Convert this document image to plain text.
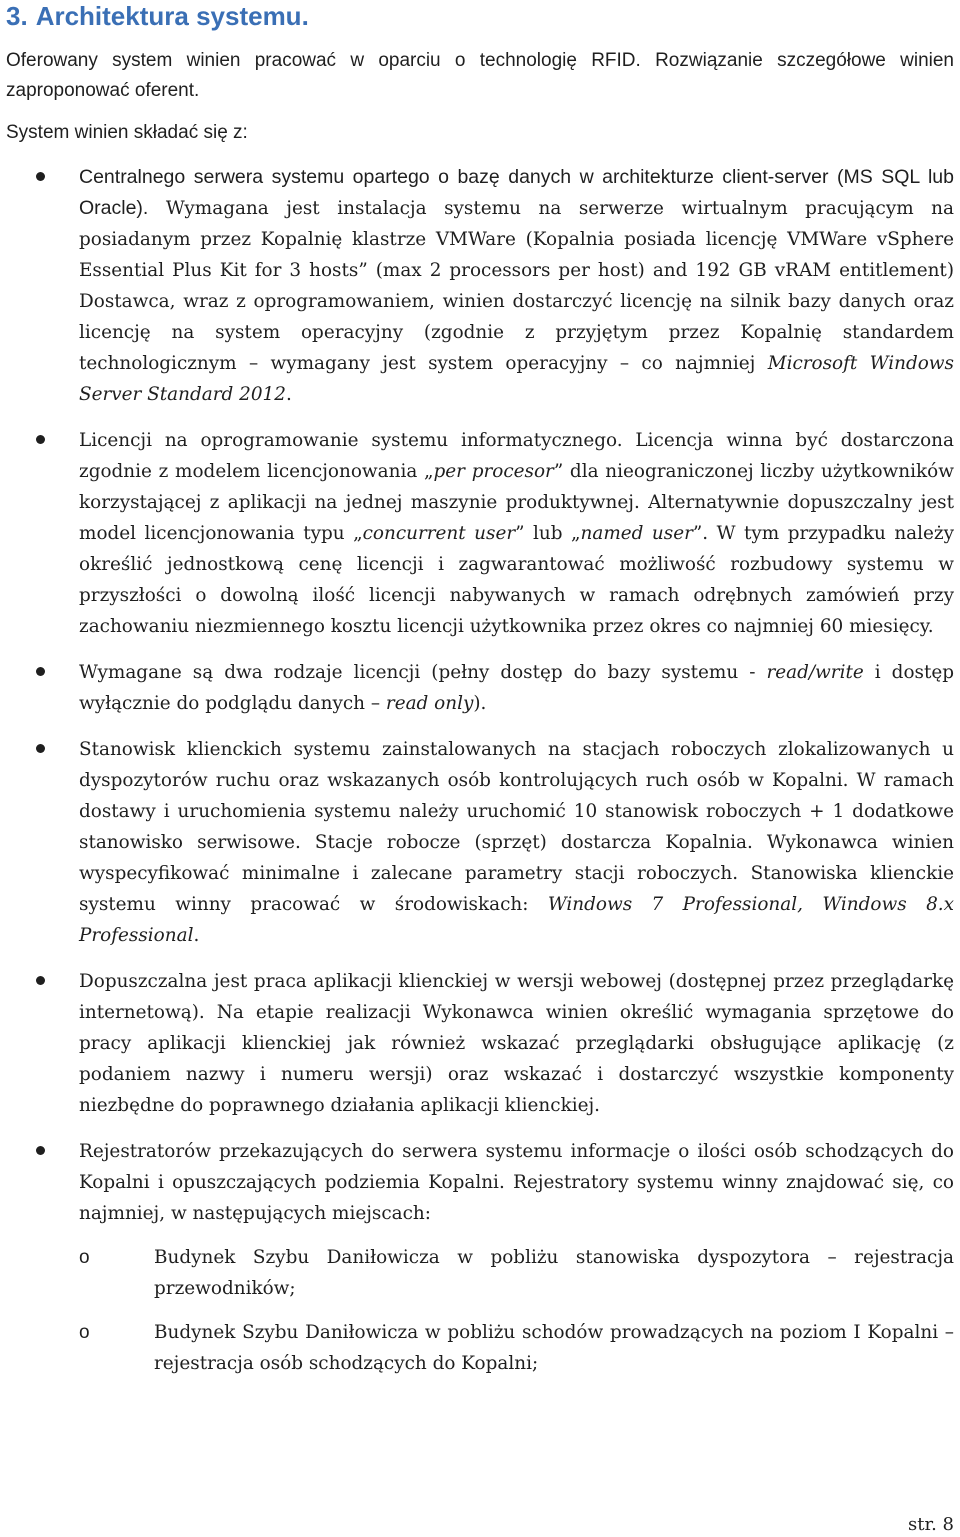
3. Architektura systemu.

Oferowany system winien pracować w oparciu o technologię RFID. Rozwiązanie szczegółowe winien zaproponować oferent.

System winien składać się z:

Centralnego serwera systemu opartego o bazę danych w architekturze client-server (MS SQL lub Oracle). Wymagana jest instalacja systemu na serwerze wirtualnym pracującym na posiadanym przez Kopalnię klastrze VMWare (Kopalnia posiada licencję VMWare vSphere Essential Plus Kit for 3 hosts” (max 2 processors per host) and 192 GB vRAM entitlement) Dostawca, wraz z oprogramowaniem, winien dostarczyć licencję na silnik bazy danych oraz licencję na system operacyjny (zgodnie z przyjętym przez Kopalnię standardem technologicznym – wymagany jest system operacyjny – co najmniej Microsoft Windows Server Standard 2012.
Licencji na oprogramowanie systemu informatycznego. Licencja winna być dostarczona zgodnie z modelem licencjonowania „per procesor” dla nieograniczonej liczby użytkowników korzystającej z aplikacji na jednej maszynie produktywnej. Alternatywnie dopuszczalny jest model licencjonowania typu „concurrent user” lub „named user”. W tym przypadku należy określić jednostkową cenę licencji i zagwarantować możliwość rozbudowy systemu w przyszłości o dowolną ilość licencji nabywanych w ramach odrębnych zamówień przy zachowaniu niezmiennego kosztu licencji użytkownika przez okres co najmniej 60 miesięcy.
Wymagane są dwa rodzaje licencji (pełny dostęp do bazy systemu - read/write i dostęp wyłącznie do podglądu danych – read only).
Stanowisk klienckich systemu zainstalowanych na stacjach roboczych zlokalizowanych u dyspozytorów ruchu oraz wskazanych osób kontrolujących ruch osób w Kopalni. W ramach dostawy i uruchomienia systemu należy uruchomić 10 stanowisk roboczych + 1 dodatkowe stanowisko serwisowe. Stacje robocze (sprzęt) dostarcza Kopalnia. Wykonawca winien wyspecyfikować minimalne i zalecane parametry stacji roboczych. Stanowiska klienckie systemu winny pracować w środowiskach: Windows 7 Professional, Windows 8.x Professional.
Dopuszczalna jest praca aplikacji klienckiej w wersji webowej (dostępnej przez przeglądarkę internetową). Na etapie realizacji Wykonawca winien określić wymagania sprzętowe do pracy aplikacji klienckiej jak również wskazać przeglądarki obsługujące aplikację (z podaniem nazwy i numeru wersji) oraz wskazać i dostarczyć wszystkie komponenty niezbędne do poprawnego działania aplikacji klienckiej.
Rejestratorów przekazujących do serwera systemu informacje o ilości osób schodzących do Kopalni i opuszczających podziemia Kopalni. Rejestratory systemu winny znajdować się, co najmniej, w następujących miejscach:
o	Budynek Szybu Daniłowicza w pobliżu stanowiska dyspozytora – rejestracja przewodników;
o	Budynek Szybu Daniłowicza w pobliżu schodów prowadzących na poziom I Kopalni – rejestracja osób schodzących do Kopalni;
str. 8
